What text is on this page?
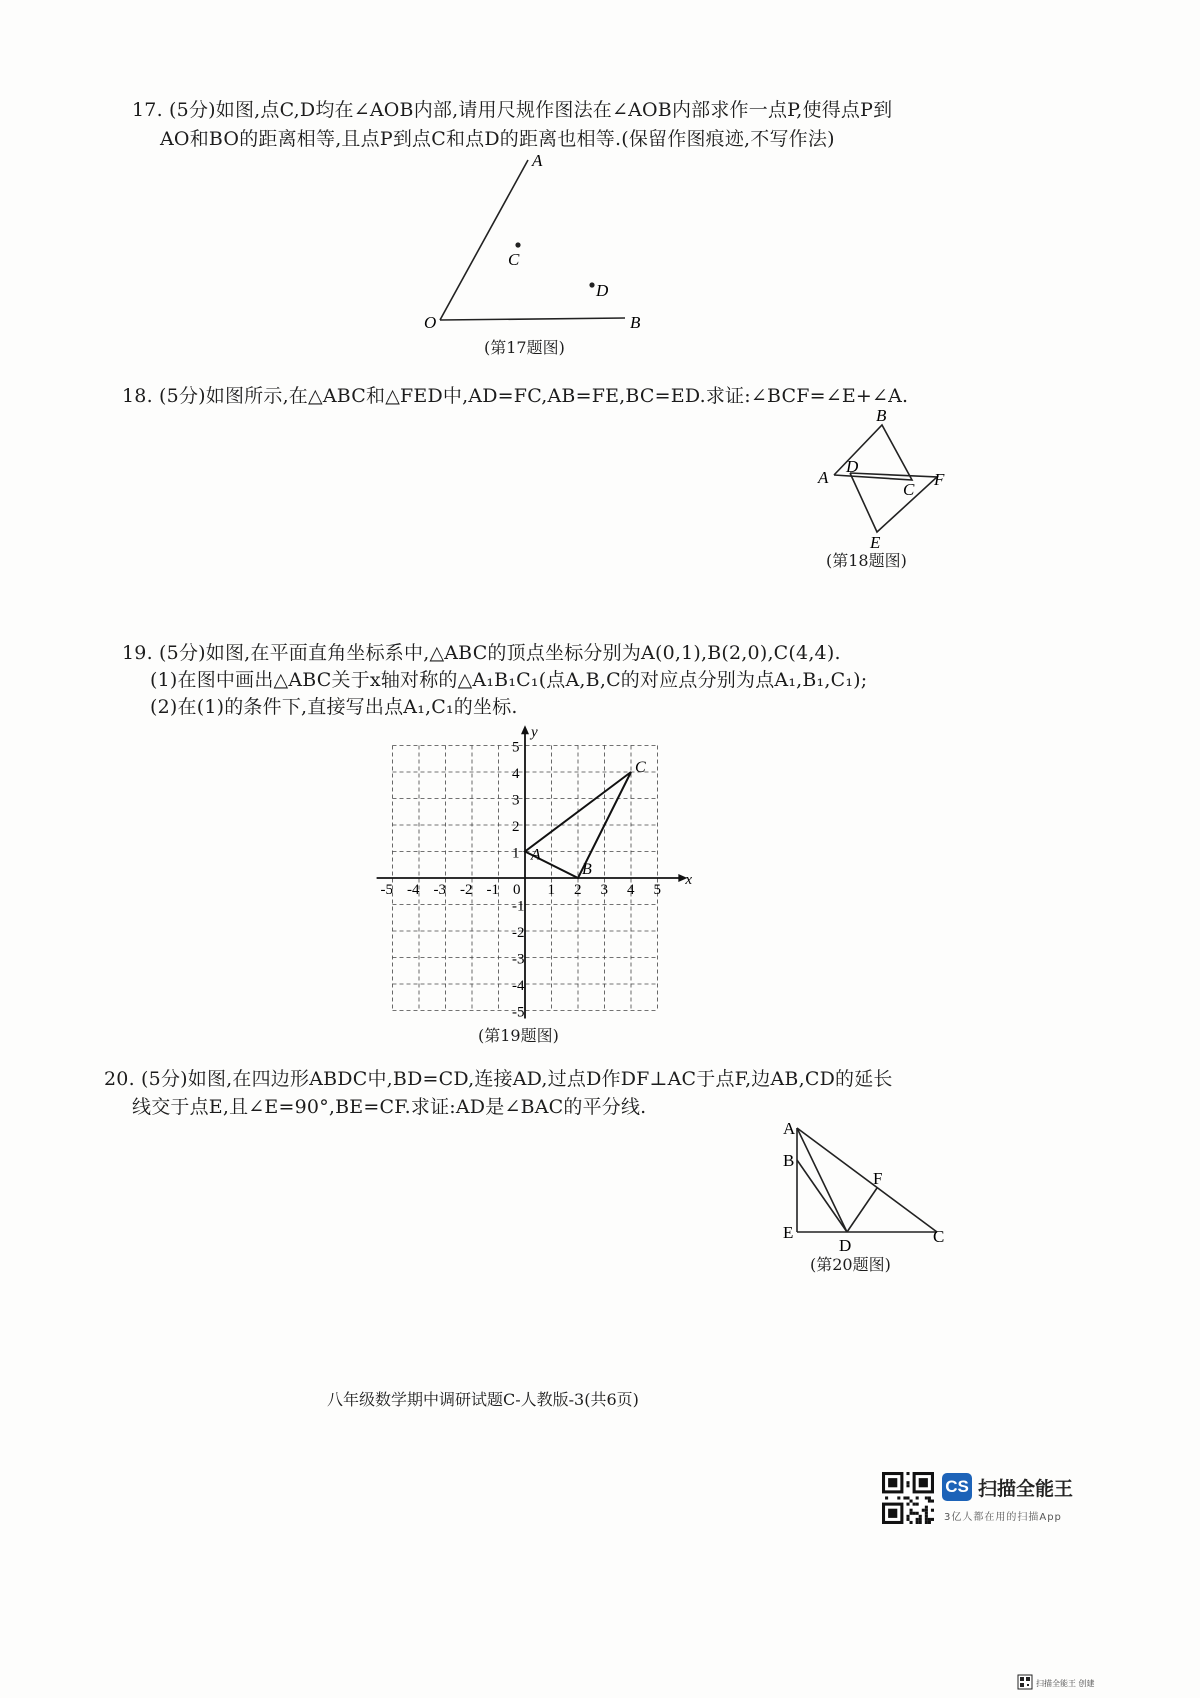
17. (5分)如图,点C,D均在∠AOB内部,请用尺规作图法在∠AOB内部求作一点P,使得点P到
AO和BO的距离相等,且点P到点C和点D的距离也相等.(保留作图痕迹,不写作法)
A
C
D
O	B
(第17题图)
18. (5分)如图所示,在△ABC和△FED中,AD=FC,AB=FE,BC=ED.求证:∠BCF=∠E+∠A.
B
A
D
C
F
E
(第18题图)
19. (5分)如图,在平面直角坐标系中,△ABC的顶点坐标分别为A(0,1),B(2,0),C(4,4).
(1)在图中画出△ABC关于x轴对称的△A₁B₁C₁(点A,B,C的对应点分别为点A₁,B₁,C₁);
(2)在(1)的条件下,直接写出点A₁,C₁的坐标.
x
y
0
-5 -4 -3 -2 -1	1 2 3 4 5
5
4
3
2
1
-1
-2
-3
-4
-5
A
B
C
(第19题图)
20. (5分)如图,在四边形ABDC中,BD=CD,连接AD,过点D作DF⊥AC于点F,边AB,CD的延长
线交于点E,且∠E=90°,BE=CF.求证:AD是∠BAC的平分线.
A
B
F
E
D	C
(第20题图)
八年级数学期中调研试题C-人教版-3(共6页)
CS 扫描全能王
3亿人都在用的扫描App
扫描全能王 创建
